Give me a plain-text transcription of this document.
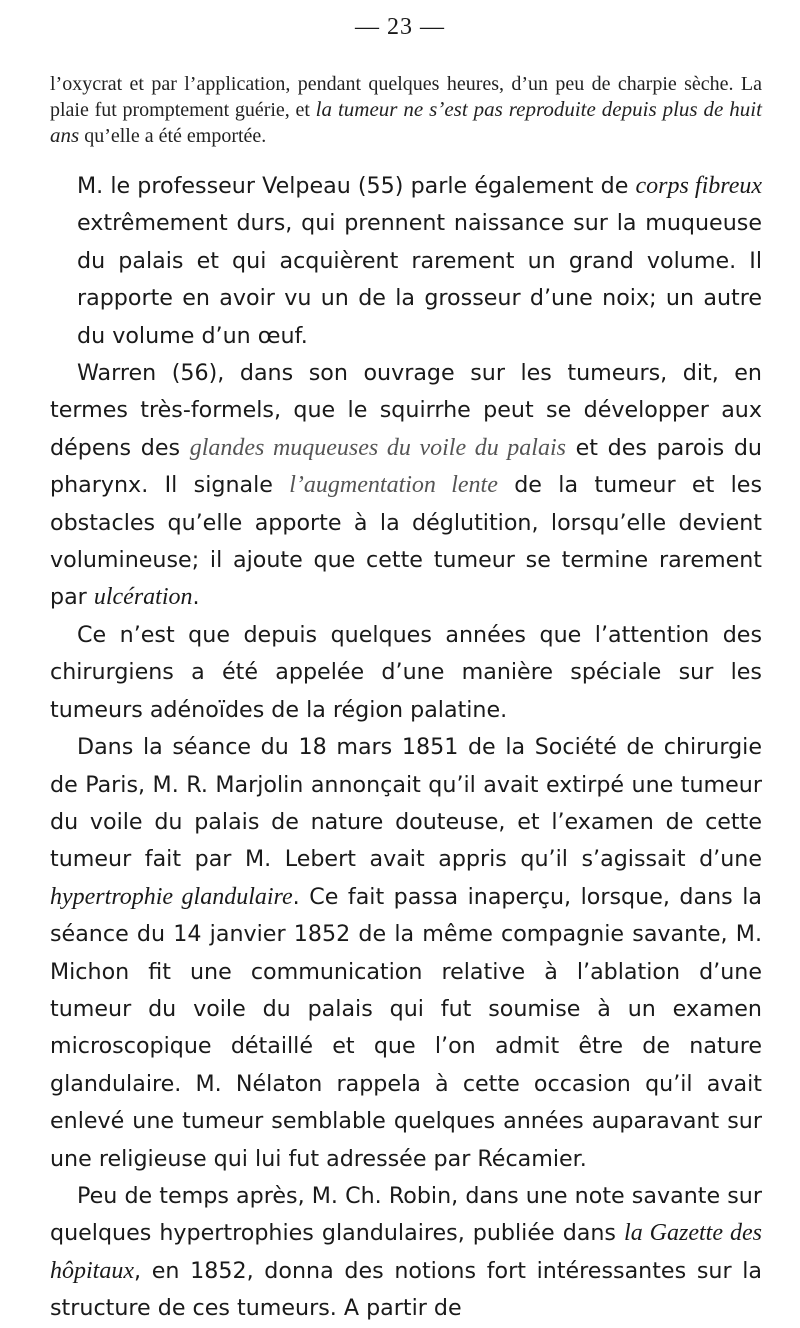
— 23 —
l’oxycrat et par l’application, pendant quelques heures, d’un peu de charpie sèche. La plaie fut promptement guérie, et la tumeur ne s’est pas reproduite depuis plus de huit ans qu’elle a été emportée.

M. le professeur Velpeau (55) parle également de corps fibreux extrêmement durs, qui prennent naissance sur la muqueuse du palais et qui acquièrent rarement un grand volume. Il rapporte en avoir vu un de la grosseur d’une noix; un autre du volume d’un œuf.

Warren (56), dans son ouvrage sur les tumeurs, dit, en termes très-formels, que le squirrhe peut se développer aux dépens des glandes muqueuses du voile du palais et des parois du pharynx. Il signale l’augmentation lente de la tumeur et les obstacles qu’elle apporte à la déglutition, lorsqu’elle devient volumineuse; il ajoute que cette tumeur se termine rarement par ulcération.

Ce n’est que depuis quelques années que l’attention des chirurgiens a été appelée d’une manière spéciale sur les tumeurs adénoïdes de la région palatine.

Dans la séance du 18 mars 1851 de la Société de chirurgie de Paris, M. R. Marjolin annonçait qu’il avait extirpé une tumeur du voile du palais de nature douteuse, et l’examen de cette tumeur fait par M. Lebert avait appris qu’il s’agissait d’une hypertrophie glandulaire. Ce fait passa inaperçu, lorsque, dans la séance du 14 janvier 1852 de la même compagnie savante, M. Michon fit une communication relative à l’ablation d’une tumeur du voile du palais qui fut soumise à un examen microscopique détaillé et que l’on admit être de nature glandulaire. M. Nélaton rappela à cette occasion qu’il avait enlevé une tumeur semblable quelques années auparavant sur une religieuse qui lui fut adressée par Récamier.

Peu de temps après, M. Ch. Robin, dans une note savante sur quelques hypertrophies glandulaires, publiée dans la Gazette des hôpitaux, en 1852, donna des notions fort intéressantes sur la structure de ces tumeurs. A partir de
